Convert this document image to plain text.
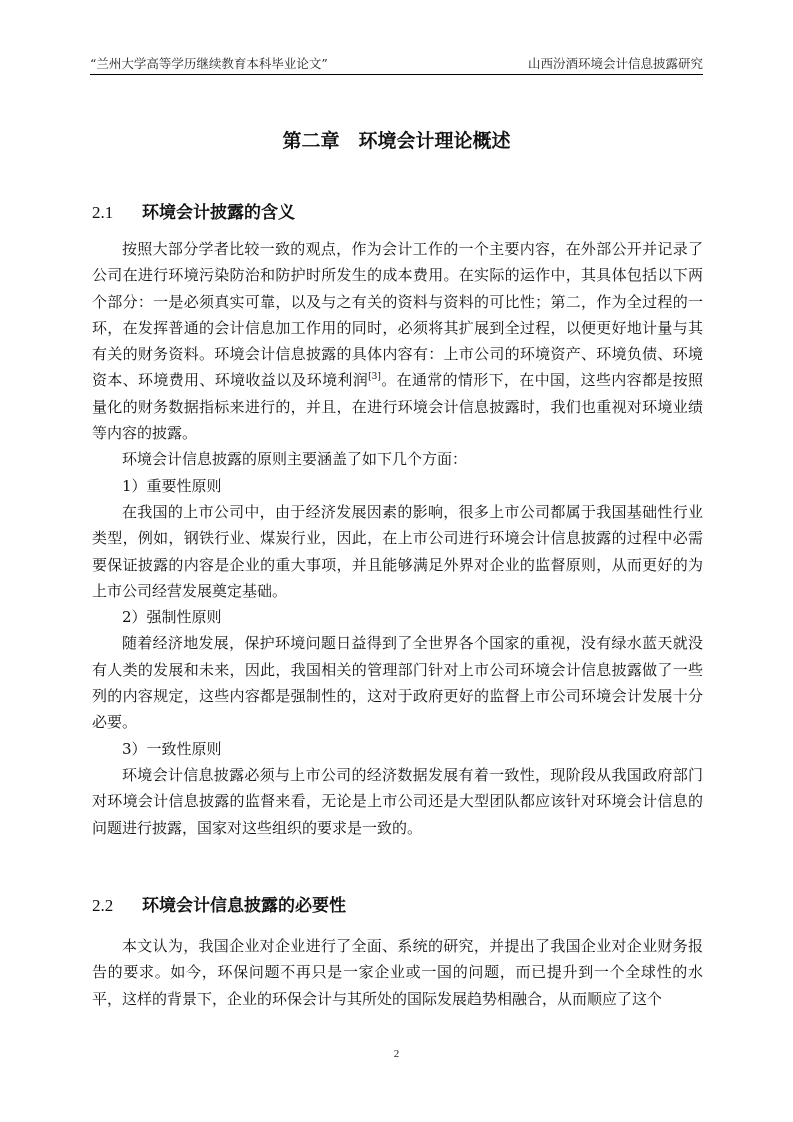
“兰州大学高等学历继续教育本科毕业论文”	山西汾酒环境会计信息披露研究
第二章　环境会计理论概述
2.1 环境会计披露的含义

按照大部分学者比较一致的观点，作为会计工作的一个主要内容，在外部公开并记录了公司在进行环境污染防治和防护时所发生的成本费用。在实际的运作中，其具体包括以下两个部分：一是必须真实可靠，以及与之有关的资料与资料的可比性；第二，作为全过程的一环，在发挥普通的会计信息加工作用的同时，必须将其扩展到全过程，以便更好地计量与其有关的财务资料。环境会计信息披露的具体内容有：上市公司的环境资产、环境负债、环境资本、环境费用、环境收益以及环境利润[3]。在通常的情形下，在中国，这些内容都是按照量化的财务数据指标来进行的，并且，在进行环境会计信息披露时，我们也重视对环境业绩等内容的披露。

环境会计信息披露的原则主要涵盖了如下几个方面：

1）重要性原则

在我国的上市公司中，由于经济发展因素的影响，很多上市公司都属于我国基础性行业类型，例如，钢铁行业、煤炭行业，因此，在上市公司进行环境会计信息披露的过程中必需要保证披露的内容是企业的重大事项，并且能够满足外界对企业的监督原则，从而更好的为上市公司经营发展奠定基础。

2）强制性原则

随着经济地发展，保护环境问题日益得到了全世界各个国家的重视，没有绿水蓝天就没有人类的发展和未来，因此，我国相关的管理部门针对上市公司环境会计信息披露做了一些列的内容规定，这些内容都是强制性的，这对于政府更好的监督上市公司环境会计发展十分必要。

3）一致性原则

环境会计信息披露必须与上市公司的经济数据发展有着一致性，现阶段从我国政府部门对环境会计信息披露的监督来看，无论是上市公司还是大型团队都应该针对环境会计信息的问题进行披露，国家对这些组织的要求是一致的。

2.2 环境会计信息披露的必要性

本文认为，我国企业对企业进行了全面、系统的研究，并提出了我国企业对企业财务报告的要求。如今，环保问题不再只是一家企业或一国的问题，而已提升到一个全球性的水平，这样的背景下，企业的环保会计与其所处的国际发展趋势相融合，从而顺应了这个

2
